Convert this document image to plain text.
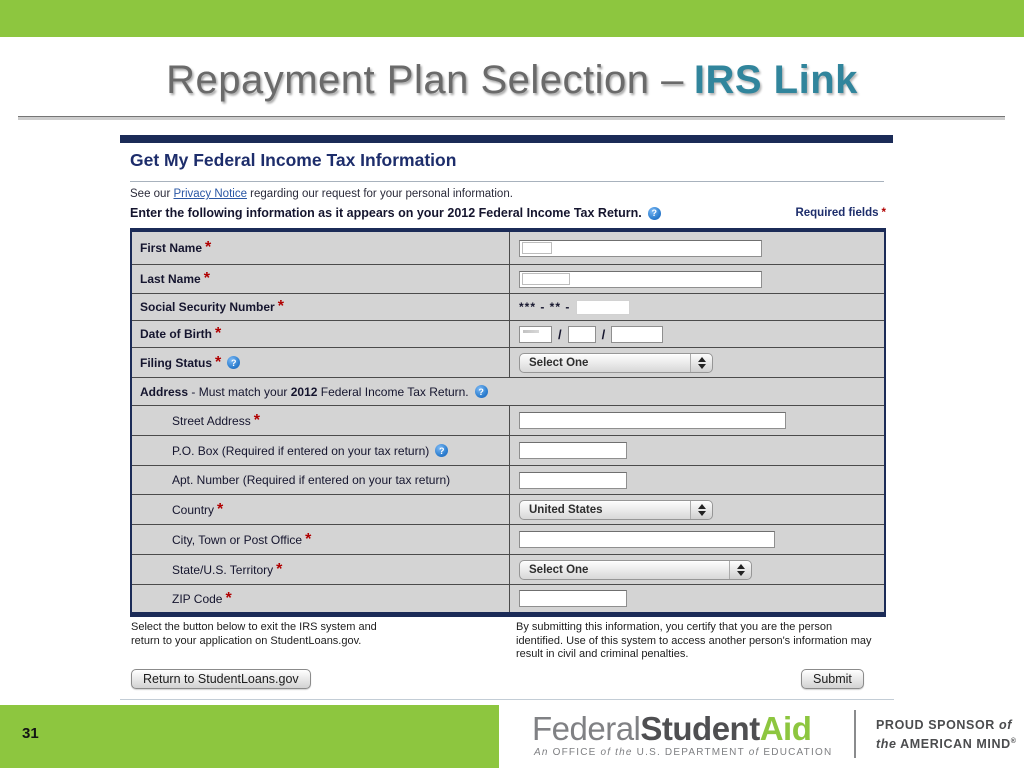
Repayment Plan Selection – IRS Link
Get My Federal Income Tax Information
See our Privacy Notice regarding our request for your personal information.
Enter the following information as it appears on your 2012 Federal Income Tax Return.	?	Required fields *
First Name *
Last Name *
Social Security Number *	*** - ** -
Date of Birth *	/	/
Filing Status *	?	Select One
Address - Must match your 2012 Federal Income Tax Return.	?
Street Address *
P.O. Box (Required if entered on your tax return)	?
Apt. Number (Required if entered on your tax return)
Country *	United States
City, Town or Post Office *
State/U.S. Territory *	Select One
ZIP Code *
Select the button below to exit the IRS system and
return to your application on StudentLoans.gov.
By submitting this information, you certify that you are the person identified. Use of this system to access another person's information may result in civil and criminal penalties.
Return to StudentLoans.gov	Submit
31	FederalStudentAid
An OFFICE of the U.S. DEPARTMENT of EDUCATION
PROUD SPONSOR of
the AMERICAN MIND®
